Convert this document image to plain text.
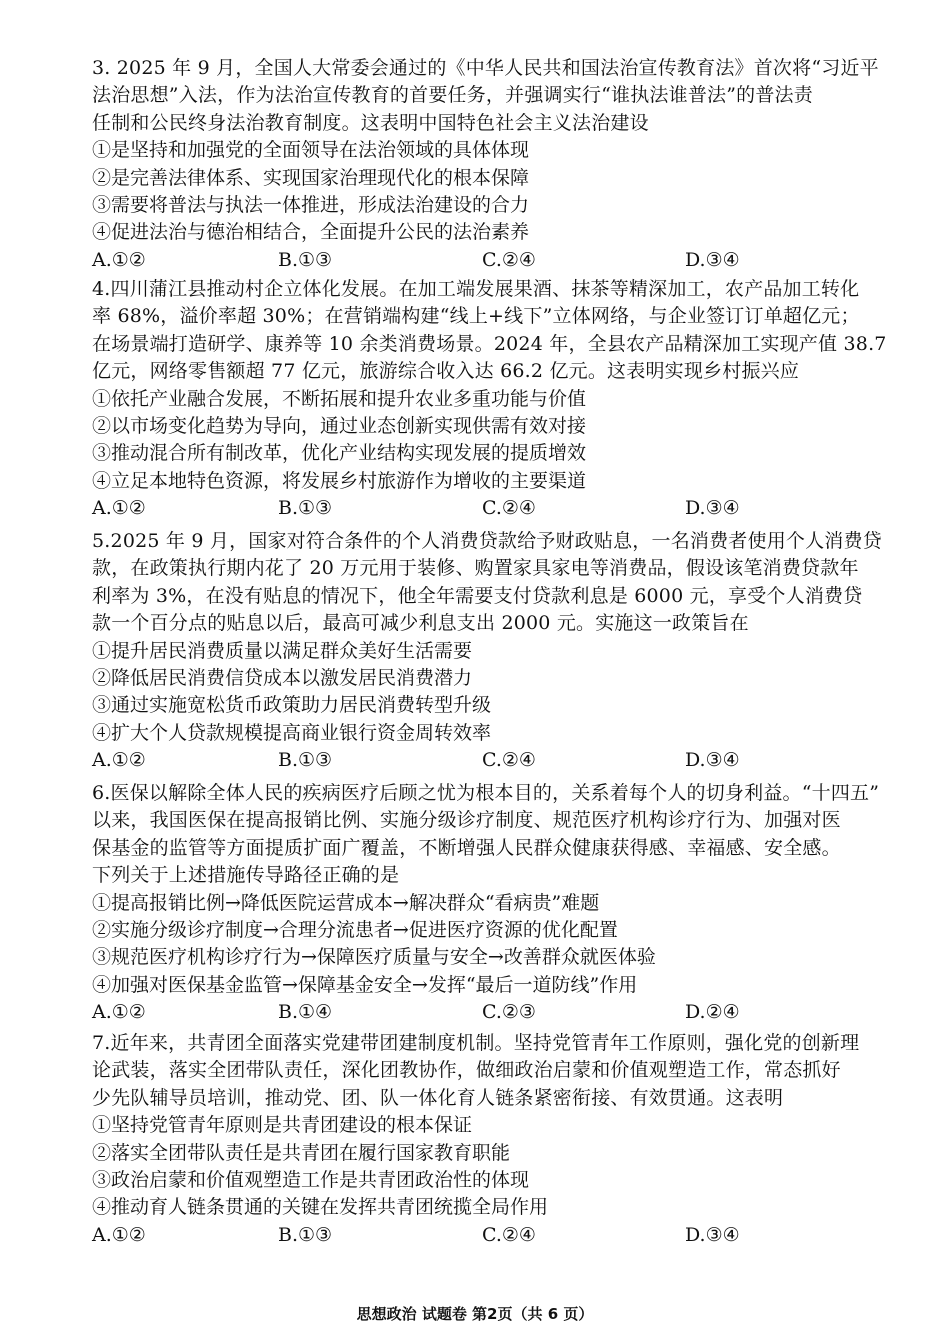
3. 2025 年 9 月，全国人大常委会通过的《中华人民共和国法治宣传教育法》首次将“习近平
法治思想”入法，作为法治宣传教育的首要任务，并强调实行“谁执法谁普法”的普法责
任制和公民终身法治教育制度。这表明中国特色社会主义法治建设
①是坚持和加强党的全面领导在法治领域的具体体现
②是完善法律体系、实现国家治理现代化的根本保障
③需要将普法与执法一体推进，形成法治建设的合力
④促进法治与德治相结合，全面提升公民的法治素养
A.①②	B.①③	C.②④	D.③④
4.四川蒲江县推动村企立体化发展。在加工端发展果酒、抹茶等精深加工，农产品加工转化
率 68%，溢价率超 30%；在营销端构建“线上+线下”立体网络，与企业签订订单超亿元；
在场景端打造研学、康养等 10 余类消费场景。2024 年，全县农产品精深加工实现产值 38.7
亿元，网络零售额超 77 亿元，旅游综合收入达 66.2 亿元。这表明实现乡村振兴应
①依托产业融合发展，不断拓展和提升农业多重功能与价值
②以市场变化趋势为导向，通过业态创新实现供需有效对接
③推动混合所有制改革，优化产业结构实现发展的提质增效
④立足本地特色资源，将发展乡村旅游作为增收的主要渠道
A.①②	B.①③	C.②④	D.③④
5.2025 年 9 月，国家对符合条件的个人消费贷款给予财政贴息，一名消费者使用个人消费贷
款，在政策执行期内花了 20 万元用于装修、购置家具家电等消费品，假设该笔消费贷款年
利率为 3%，在没有贴息的情况下，他全年需要支付贷款利息是 6000 元，享受个人消费贷
款一个百分点的贴息以后，最高可减少利息支出 2000 元。实施这一政策旨在
①提升居民消费质量以满足群众美好生活需要
②降低居民消费信贷成本以激发居民消费潜力
③通过实施宽松货币政策助力居民消费转型升级
④扩大个人贷款规模提高商业银行资金周转效率
A.①②	B.①③	C.②④	D.③④
6.医保以解除全体人民的疾病医疗后顾之忧为根本目的，关系着每个人的切身利益。“十四五”
以来，我国医保在提高报销比例、实施分级诊疗制度、规范医疗机构诊疗行为、加强对医
保基金的监管等方面提质扩面广覆盖，不断增强人民群众健康获得感、幸福感、安全感。
下列关于上述措施传导路径正确的是
①提高报销比例→降低医院运营成本→解决群众“看病贵”难题
②实施分级诊疗制度→合理分流患者→促进医疗资源的优化配置
③规范医疗机构诊疗行为→保障医疗质量与安全→改善群众就医体验
④加强对医保基金监管→保障基金安全→发挥“最后一道防线”作用
A.①②	B.①④	C.②③	D.②④
7.近年来，共青团全面落实党建带团建制度机制。坚持党管青年工作原则，强化党的创新理
论武装，落实全团带队责任，深化团教协作，做细政治启蒙和价值观塑造工作，常态抓好
少先队辅导员培训，推动党、团、队一体化育人链条紧密衔接、有效贯通。这表明
①坚持党管青年原则是共青团建设的根本保证
②落实全团带队责任是共青团在履行国家教育职能
③政治启蒙和价值观塑造工作是共青团政治性的体现
④推动育人链条贯通的关键在发挥共青团统揽全局作用
A.①②	B.①③	C.②④	D.③④
思想政治 试题卷 第2页（共 6 页）
